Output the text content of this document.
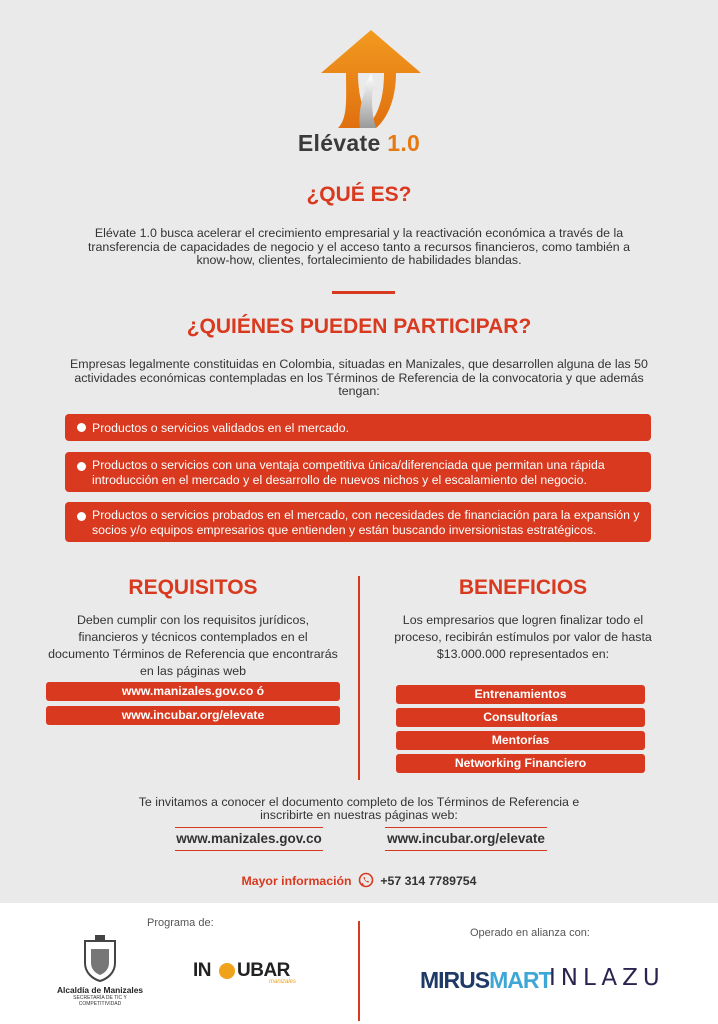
Elévate 1.0
¿QUÉ ES?

Elévate 1.0 busca acelerar el crecimiento empresarial y la reactivación económica a través de la transferencia de capacidades de negocio y el acceso tanto a recursos financieros, como también a know-how, clientes, fortalecimiento de habilidades blandas.

¿QUIÉNES PUEDEN PARTICIPAR?

Empresas legalmente constituidas en Colombia, situadas en Manizales, que desarrollen alguna de las 50 actividades económicas contempladas en los Términos de Referencia de la convocatoria y que además tengan:

Productos o servicios validados en el mercado.
Productos o servicios con una ventaja competitiva única/diferenciada que permitan una rápida introducción en el mercado y el desarrollo de nuevos nichos y el escalamiento del negocio.
Productos o servicios probados en el mercado, con necesidades de financiación para la expansión y socios y/o equipos empresarios que entienden y están buscando inversionistas estratégicos.
REQUISITOS

Deben cumplir con los requisitos jurídicos, financieros y técnicos contemplados en el documento Términos de Referencia que encontrarás en las páginas web

www.manizales.gov.co ó
www.incubar.org/elevate
BENEFICIOS

Los empresarios que logren finalizar todo el proceso, recibirán estímulos por valor de hasta $13.000.000 representados en:

Entrenamientos
Consultorías
Mentorías
Networking Financiero

Te invitamos a conocer el documento completo de los Términos de Referencia e inscribirte en nuestras páginas web:

www.manizales.gov.co	www.incubar.org/elevate
Mayor información +57 314 7789754
Programa de:
Alcaldía de Manizales
SECRETARÍA DE TIC Y COMPETITIVIDAD
IN UBAR
manizales
Operado en alianza con:
MIRUSMART
INLAZU
